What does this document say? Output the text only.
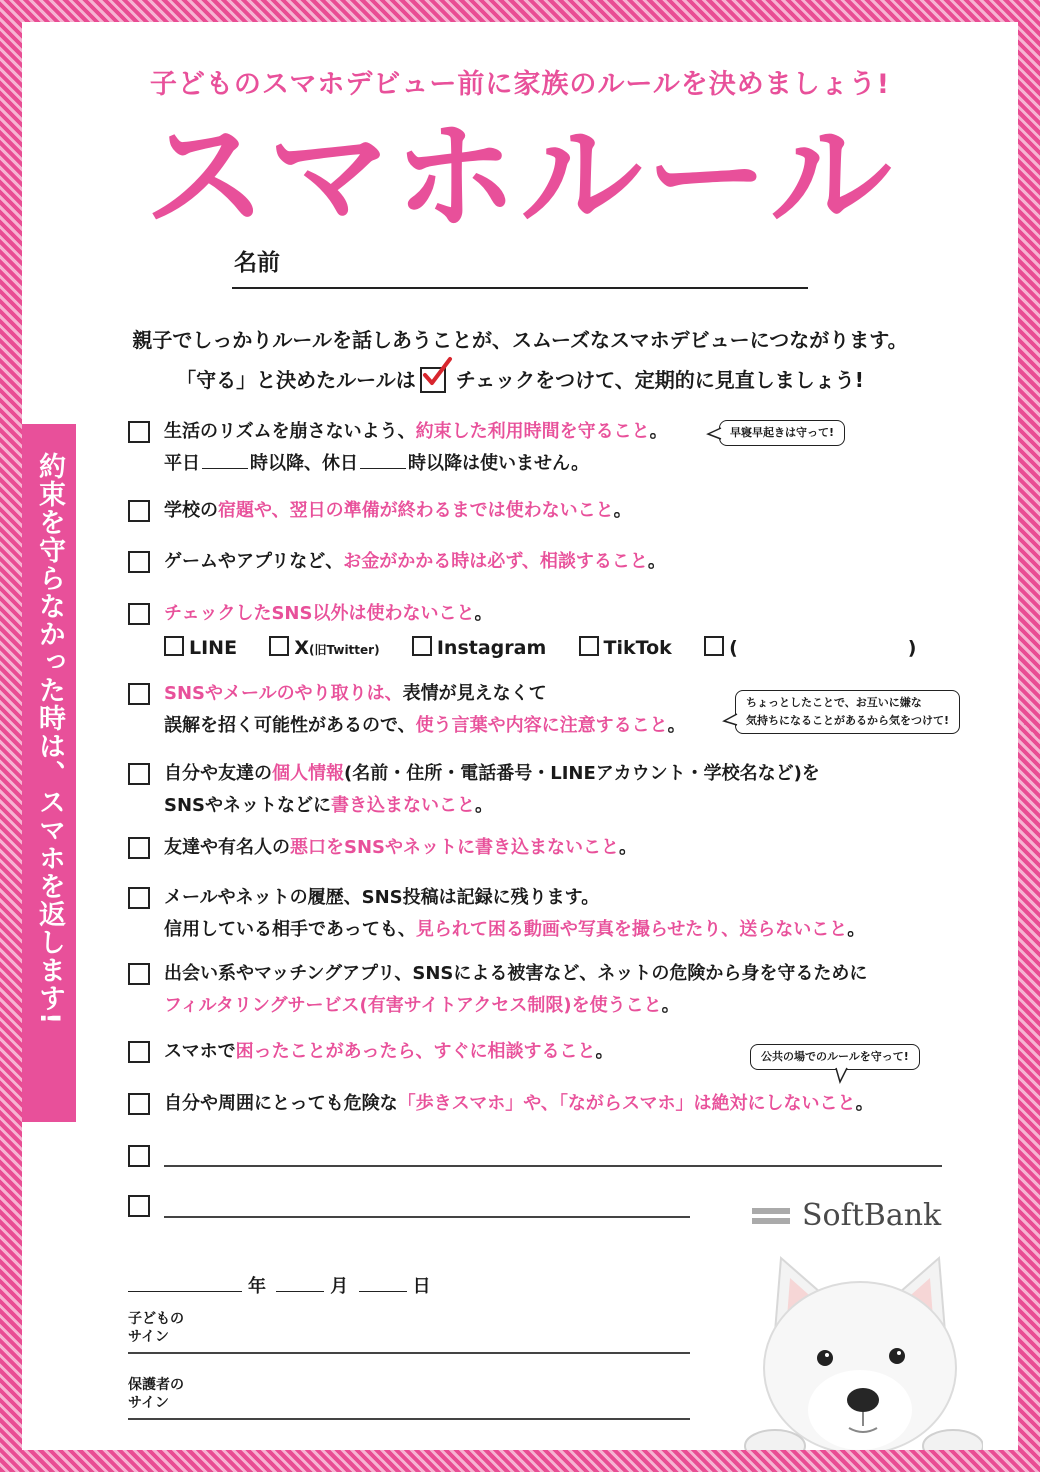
子どものスマホデビュー前に家族のルールを決めましょう!
スマホルール
名前
親子でしっかりルールを話しあうことが、スムーズなスマホデビューにつながります。
「守る」と決めたルールは チェックをつけて、定期的に見直しましょう!
約束を守らなかった時は、スマホを返します!
生活のリズムを崩さないよう、約束した利用時間を守ること。
平日	時以降、休日	時以降は使いません。
早寝早起きは守って!
学校の宿題や、翌日の準備が終わるまでは使わないこと。
ゲームやアプリなど、お金がかかる時は必ず、相談すること。
チェックしたSNS以外は使わないこと。
LINE	X(旧Twitter)	Instagram	TikTok	(	)
SNSやメールのやり取りは、表情が見えなくて
誤解を招く可能性があるので、使う言葉や内容に注意すること。
ちょっとしたことで、お互いに嫌な
気持ちになることがあるから気をつけて!
自分や友達の個人情報(名前・住所・電話番号・LINEアカウント・学校名など)を
SNSやネットなどに書き込まないこと。
友達や有名人の悪口をSNSやネットに書き込まないこと。
メールやネットの履歴、SNS投稿は記録に残ります。
信用している相手であっても、見られて困る動画や写真を撮らせたり、送らないこと。
出会い系やマッチングアプリ、SNSによる被害など、ネットの危険から身を守るために
フィルタリングサービス(有害サイトアクセス制限)を使うこと。
スマホで困ったことがあったら、すぐに相談すること。	公共の場でのルールを守って!
自分や周囲にとっても危険な「歩きスマホ」や、「ながらスマホ」は絶対にしないこと。
SoftBank
年	月	日
子どもの
サイン
保護者の
サイン
